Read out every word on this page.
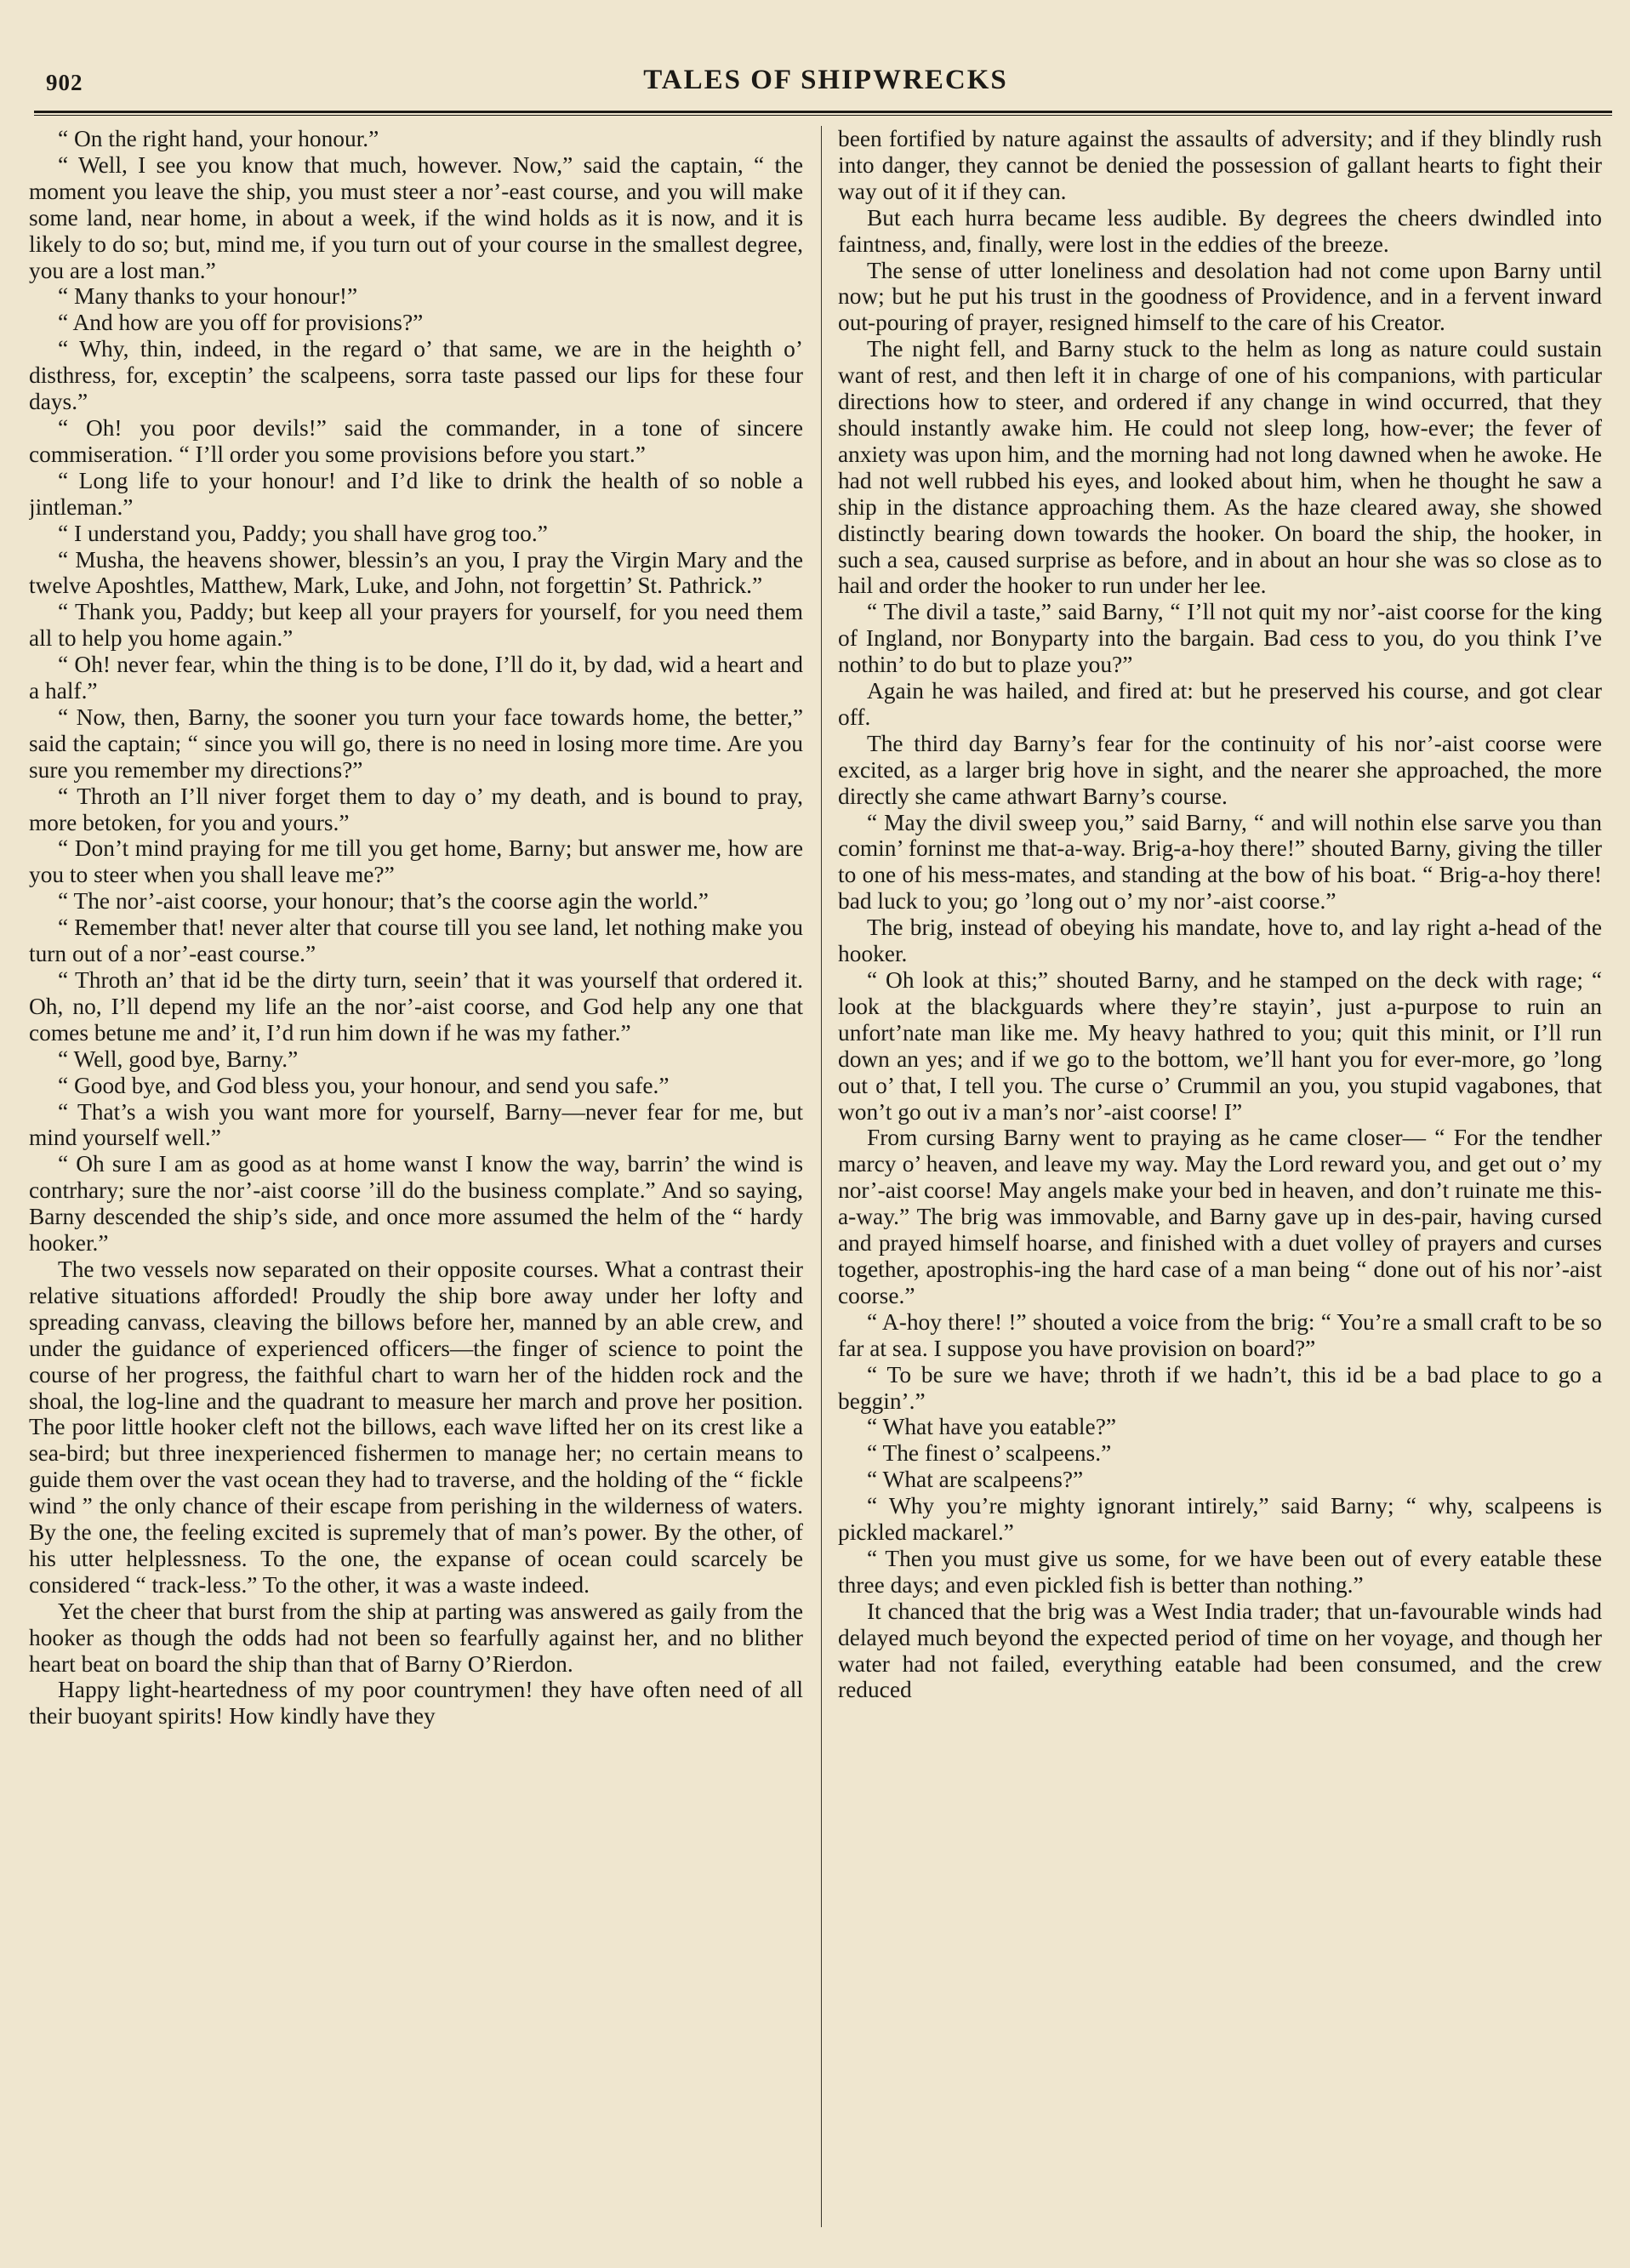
902	TALES OF SHIPWRECKS

“ On the right hand, your honour.”

“ Well, I see you know that much, however. Now,” said the captain, “ the moment you leave the ship, you must steer a nor’-east course, and you will make some land, near home, in about a week, if the wind holds as it is now, and it is likely to do so; but, mind me, if you turn out of your course in the smallest degree, you are a lost man.”

“ Many thanks to your honour!”

“ And how are you off for provisions?”

“ Why, thin, indeed, in the regard o’ that same, we are in the heighth o’ disthress, for, exceptin’ the scalpeens, sorra taste passed our lips for these four days.”

“ Oh! you poor devils!” said the commander, in a tone of sincere commiseration. “ I’ll order you some provisions before you start.”

“ Long life to your honour! and I’d like to drink the health of so noble a jintleman.”

“ I understand you, Paddy; you shall have grog too.”

“ Musha, the heavens shower, blessin’s an you, I pray the Virgin Mary and the twelve Aposhtles, Matthew, Mark, Luke, and John, not forgettin’ St. Pathrick.”

“ Thank you, Paddy; but keep all your prayers for yourself, for you need them all to help you home again.”

“ Oh! never fear, whin the thing is to be done, I’ll do it, by dad, wid a heart and a half.”

“ Now, then, Barny, the sooner you turn your face towards home, the better,” said the captain; “ since you will go, there is no need in losing more time. Are you sure you remember my directions?”

“ Throth an I’ll niver forget them to day o’ my death, and is bound to pray, more betoken, for you and yours.”

“ Don’t mind praying for me till you get home, Barny; but answer me, how are you to steer when you shall leave me?”

“ The nor’-aist coorse, your honour; that’s the coorse agin the world.”

“ Remember that! never alter that course till you see land, let nothing make you turn out of a nor’-east course.”

“ Throth an’ that id be the dirty turn, seein’ that it was yourself that ordered it. Oh, no, I’ll depend my life an the nor’-aist coorse, and God help any one that comes betune me and’ it, I’d run him down if he was my father.”

“ Well, good bye, Barny.”

“ Good bye, and God bless you, your honour, and send you safe.”

“ That’s a wish you want more for yourself, Barny—never fear for me, but mind yourself well.”

“ Oh sure I am as good as at home wanst I know the way, barrin’ the wind is contrhary; sure the nor’-aist coorse ’ill do the business complate.” And so saying, Barny descended the ship’s side, and once more assumed the helm of the “ hardy hooker.”

The two vessels now separated on their opposite courses. What a contrast their relative situations afforded! Proudly the ship bore away under her lofty and spreading canvass, cleaving the billows before her, manned by an able crew, and under the guidance of experienced officers—the finger of science to point the course of her progress, the faithful chart to warn her of the hidden rock and the shoal, the log-line and the quadrant to measure her march and prove her position. The poor little hooker cleft not the billows, each wave lifted her on its crest like a sea-bird; but three inexperienced fishermen to manage her; no certain means to guide them over the vast ocean they had to traverse, and the holding of the “ fickle wind ” the only chance of their escape from perishing in the wilderness of waters. By the one, the feeling excited is supremely that of man’s power. By the other, of his utter helplessness. To the one, the expanse of ocean could scarcely be considered “ track-less.” To the other, it was a waste indeed.

Yet the cheer that burst from the ship at parting was answered as gaily from the hooker as though the odds had not been so fearfully against her, and no blither heart beat on board the ship than that of Barny O’Rierdon.

Happy light-heartedness of my poor countrymen! they have often need of all their buoyant spirits! How kindly have they

been fortified by nature against the assaults of adversity; and if they blindly rush into danger, they cannot be denied the possession of gallant hearts to fight their way out of it if they can.

But each hurra became less audible. By degrees the cheers dwindled into faintness, and, finally, were lost in the eddies of the breeze.

The sense of utter loneliness and desolation had not come upon Barny until now; but he put his trust in the goodness of Providence, and in a fervent inward out-pouring of prayer, resigned himself to the care of his Creator.

The night fell, and Barny stuck to the helm as long as nature could sustain want of rest, and then left it in charge of one of his companions, with particular directions how to steer, and ordered if any change in wind occurred, that they should instantly awake him. He could not sleep long, how-ever; the fever of anxiety was upon him, and the morning had not long dawned when he awoke. He had not well rubbed his eyes, and looked about him, when he thought he saw a ship in the distance approaching them. As the haze cleared away, she showed distinctly bearing down towards the hooker. On board the ship, the hooker, in such a sea, caused surprise as before, and in about an hour she was so close as to hail and order the hooker to run under her lee.

“ The divil a taste,” said Barny, “ I’ll not quit my nor’-aist coorse for the king of Ingland, nor Bonyparty into the bargain. Bad cess to you, do you think I’ve nothin’ to do but to plaze you?”

Again he was hailed, and fired at: but he preserved his course, and got clear off.

The third day Barny’s fear for the continuity of his nor’-aist coorse were excited, as a larger brig hove in sight, and the nearer she approached, the more directly she came athwart Barny’s course.

“ May the divil sweep you,” said Barny, “ and will nothin else sarve you than comin’ forninst me that-a-way. Brig-a-hoy there!” shouted Barny, giving the tiller to one of his mess-mates, and standing at the bow of his boat. “ Brig-a-hoy there! bad luck to you; go ’long out o’ my nor’-aist coorse.”

The brig, instead of obeying his mandate, hove to, and lay right a-head of the hooker.

“ Oh look at this;” shouted Barny, and he stamped on the deck with rage; “ look at the blackguards where they’re stayin’, just a-purpose to ruin an unfort’nate man like me. My heavy hathred to you; quit this minit, or I’ll run down an yes; and if we go to the bottom, we’ll hant you for ever-more, go ’long out o’ that, I tell you. The curse o’ Crummil an you, you stupid vagabones, that won’t go out iv a man’s nor’-aist coorse! I”

From cursing Barny went to praying as he came closer— “ For the tendher marcy o’ heaven, and leave my way. May the Lord reward you, and get out o’ my nor’-aist coorse! May angels make your bed in heaven, and don’t ruinate me this-a-way.” The brig was immovable, and Barny gave up in des-pair, having cursed and prayed himself hoarse, and finished with a duet volley of prayers and curses together, apostrophis-ing the hard case of a man being “ done out of his nor’-aist coorse.”

“ A-hoy there! !” shouted a voice from the brig: “ You’re a small craft to be so far at sea. I suppose you have provision on board?”

“ To be sure we have; throth if we hadn’t, this id be a bad place to go a beggin’.”

“ What have you eatable?”

“ The finest o’ scalpeens.”

“ What are scalpeens?”

“ Why you’re mighty ignorant intirely,” said Barny; “ why, scalpeens is pickled mackarel.”

“ Then you must give us some, for we have been out of every eatable these three days; and even pickled fish is better than nothing.”

It chanced that the brig was a West India trader; that un-favourable winds had delayed much beyond the expected period of time on her voyage, and though her water had not failed, everything eatable had been consumed, and the crew reduced
